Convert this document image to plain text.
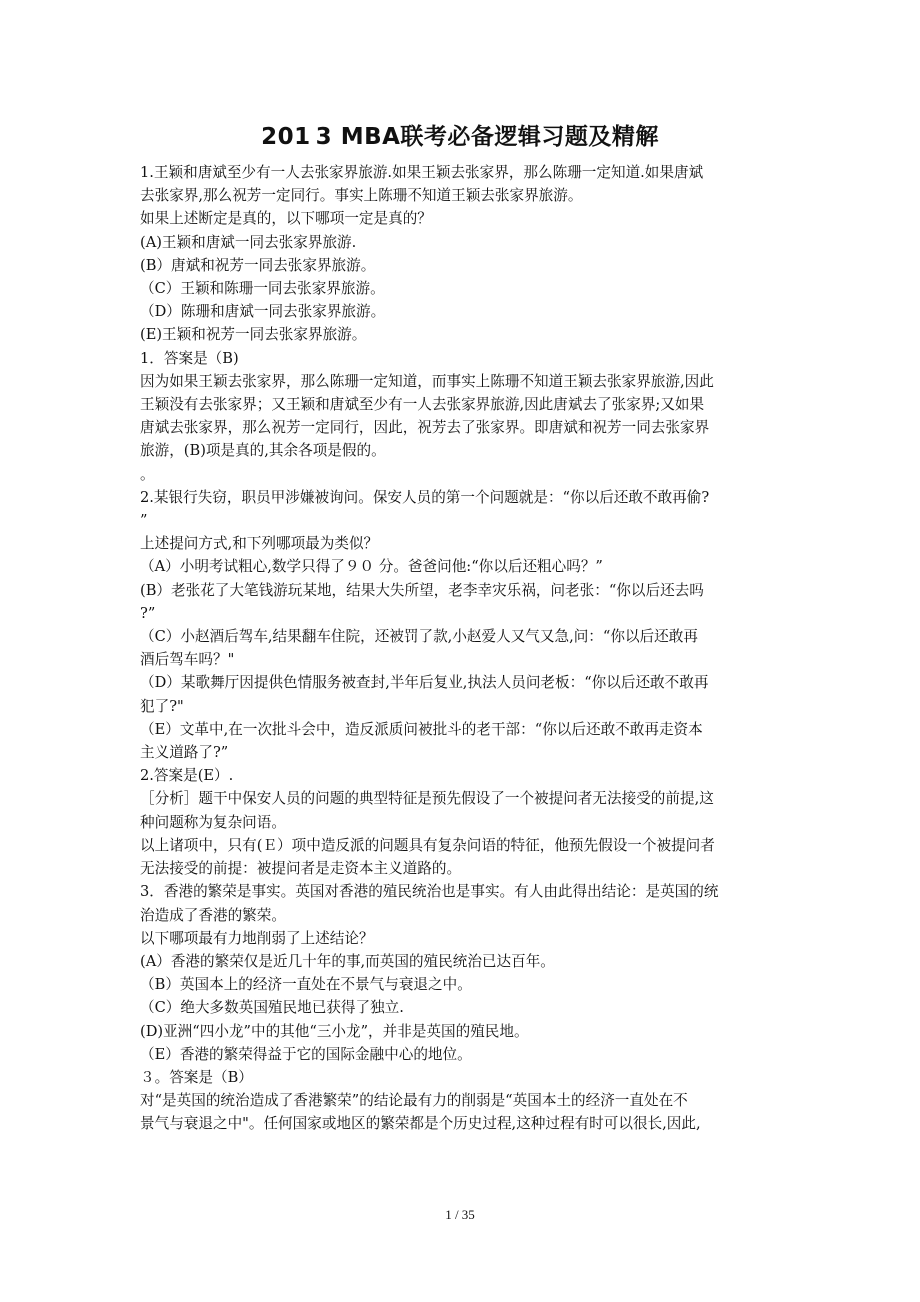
201 3 MBA联考必备逻辑习题及精解
1.王颖和唐斌至少有一人去张家界旅游.如果王颖去张家界，那么陈珊一定知道.如果唐斌
去张家界,那么祝芳一定同行。事实上陈珊不知道王颖去张家界旅游。
如果上述断定是真的，以下哪项一定是真的？
(A)王颖和唐斌一同去张家界旅游.
(B）唐斌和祝芳一同去张家界旅游。
（C）王颖和陈珊一同去张家界旅游。
（D）陈珊和唐斌一同去张家界旅游。
(E)王颖和祝芳一同去张家界旅游。
1．答案是（B)
因为如果王颖去张家界，那么陈珊一定知道，而事实上陈珊不知道王颖去张家界旅游,因此
王颖没有去张家界；又王颖和唐斌至少有一人去张家界旅游,因此唐斌去了张家界;又如果
唐斌去张家界，那么祝芳一定同行，因此，祝芳去了张家界。即唐斌和祝芳一同去张家界
旅游，(B)项是真的,其余各项是假的。
。
2.某银行失窃，职员甲涉嫌被询问。保安人员的第一个问题就是：“你以后还敢不敢再偷?
”
上述提问方式,和下列哪项最为类似？
（A）小明考试粗心,数学只得了９０ 分。爸爸问他:“你以后还粗心吗？”
(B）老张花了大笔钱游玩某地，结果大失所望，老李幸灾乐祸，问老张：“你以后还去吗
?”
（C）小赵酒后驾车,结果翻车住院，还被罚了款,小赵爱人又气又急,问：“你以后还敢再
酒后驾车吗？"
（D）某歌舞厅因提供色情服务被查封,半年后复业,执法人员问老板：“你以后还敢不敢再
犯了?"
（E）文革中,在一次批斗会中，造反派质问被批斗的老干部：“你以后还敢不敢再走资本
主义道路了?”
2.答案是(E）.
［分析］题干中保安人员的问题的典型特征是预先假设了一个被提问者无法接受的前提,这
种问题称为复杂问语。
以上诸项中，只有(Ｅ）项中造反派的问题具有复杂问语的特征，他预先假设一个被提问者
无法接受的前提：被提问者是走资本主义道路的。
3．香港的繁荣是事实。英国对香港的殖民统治也是事实。有人由此得出结论：是英国的统
治造成了香港的繁荣。
以下哪项最有力地削弱了上述结论？
(A）香港的繁荣仅是近几十年的事,而英国的殖民统治已达百年。
（B）英国本上的经济一直处在不景气与衰退之中。
（C）绝大多数英国殖民地已获得了独立.
(D)亚洲“四小龙”中的其他“三小龙”，并非是英国的殖民地。
（E）香港的繁荣得益于它的国际金融中心的地位。
３。答案是（B）
对“是英国的统治造成了香港繁荣”的结论最有力的削弱是“英国本土的经济一直处在不
景气与衰退之中"。任何国家或地区的繁荣都是个历史过程,这种过程有时可以很长,因此,
1 / 35
